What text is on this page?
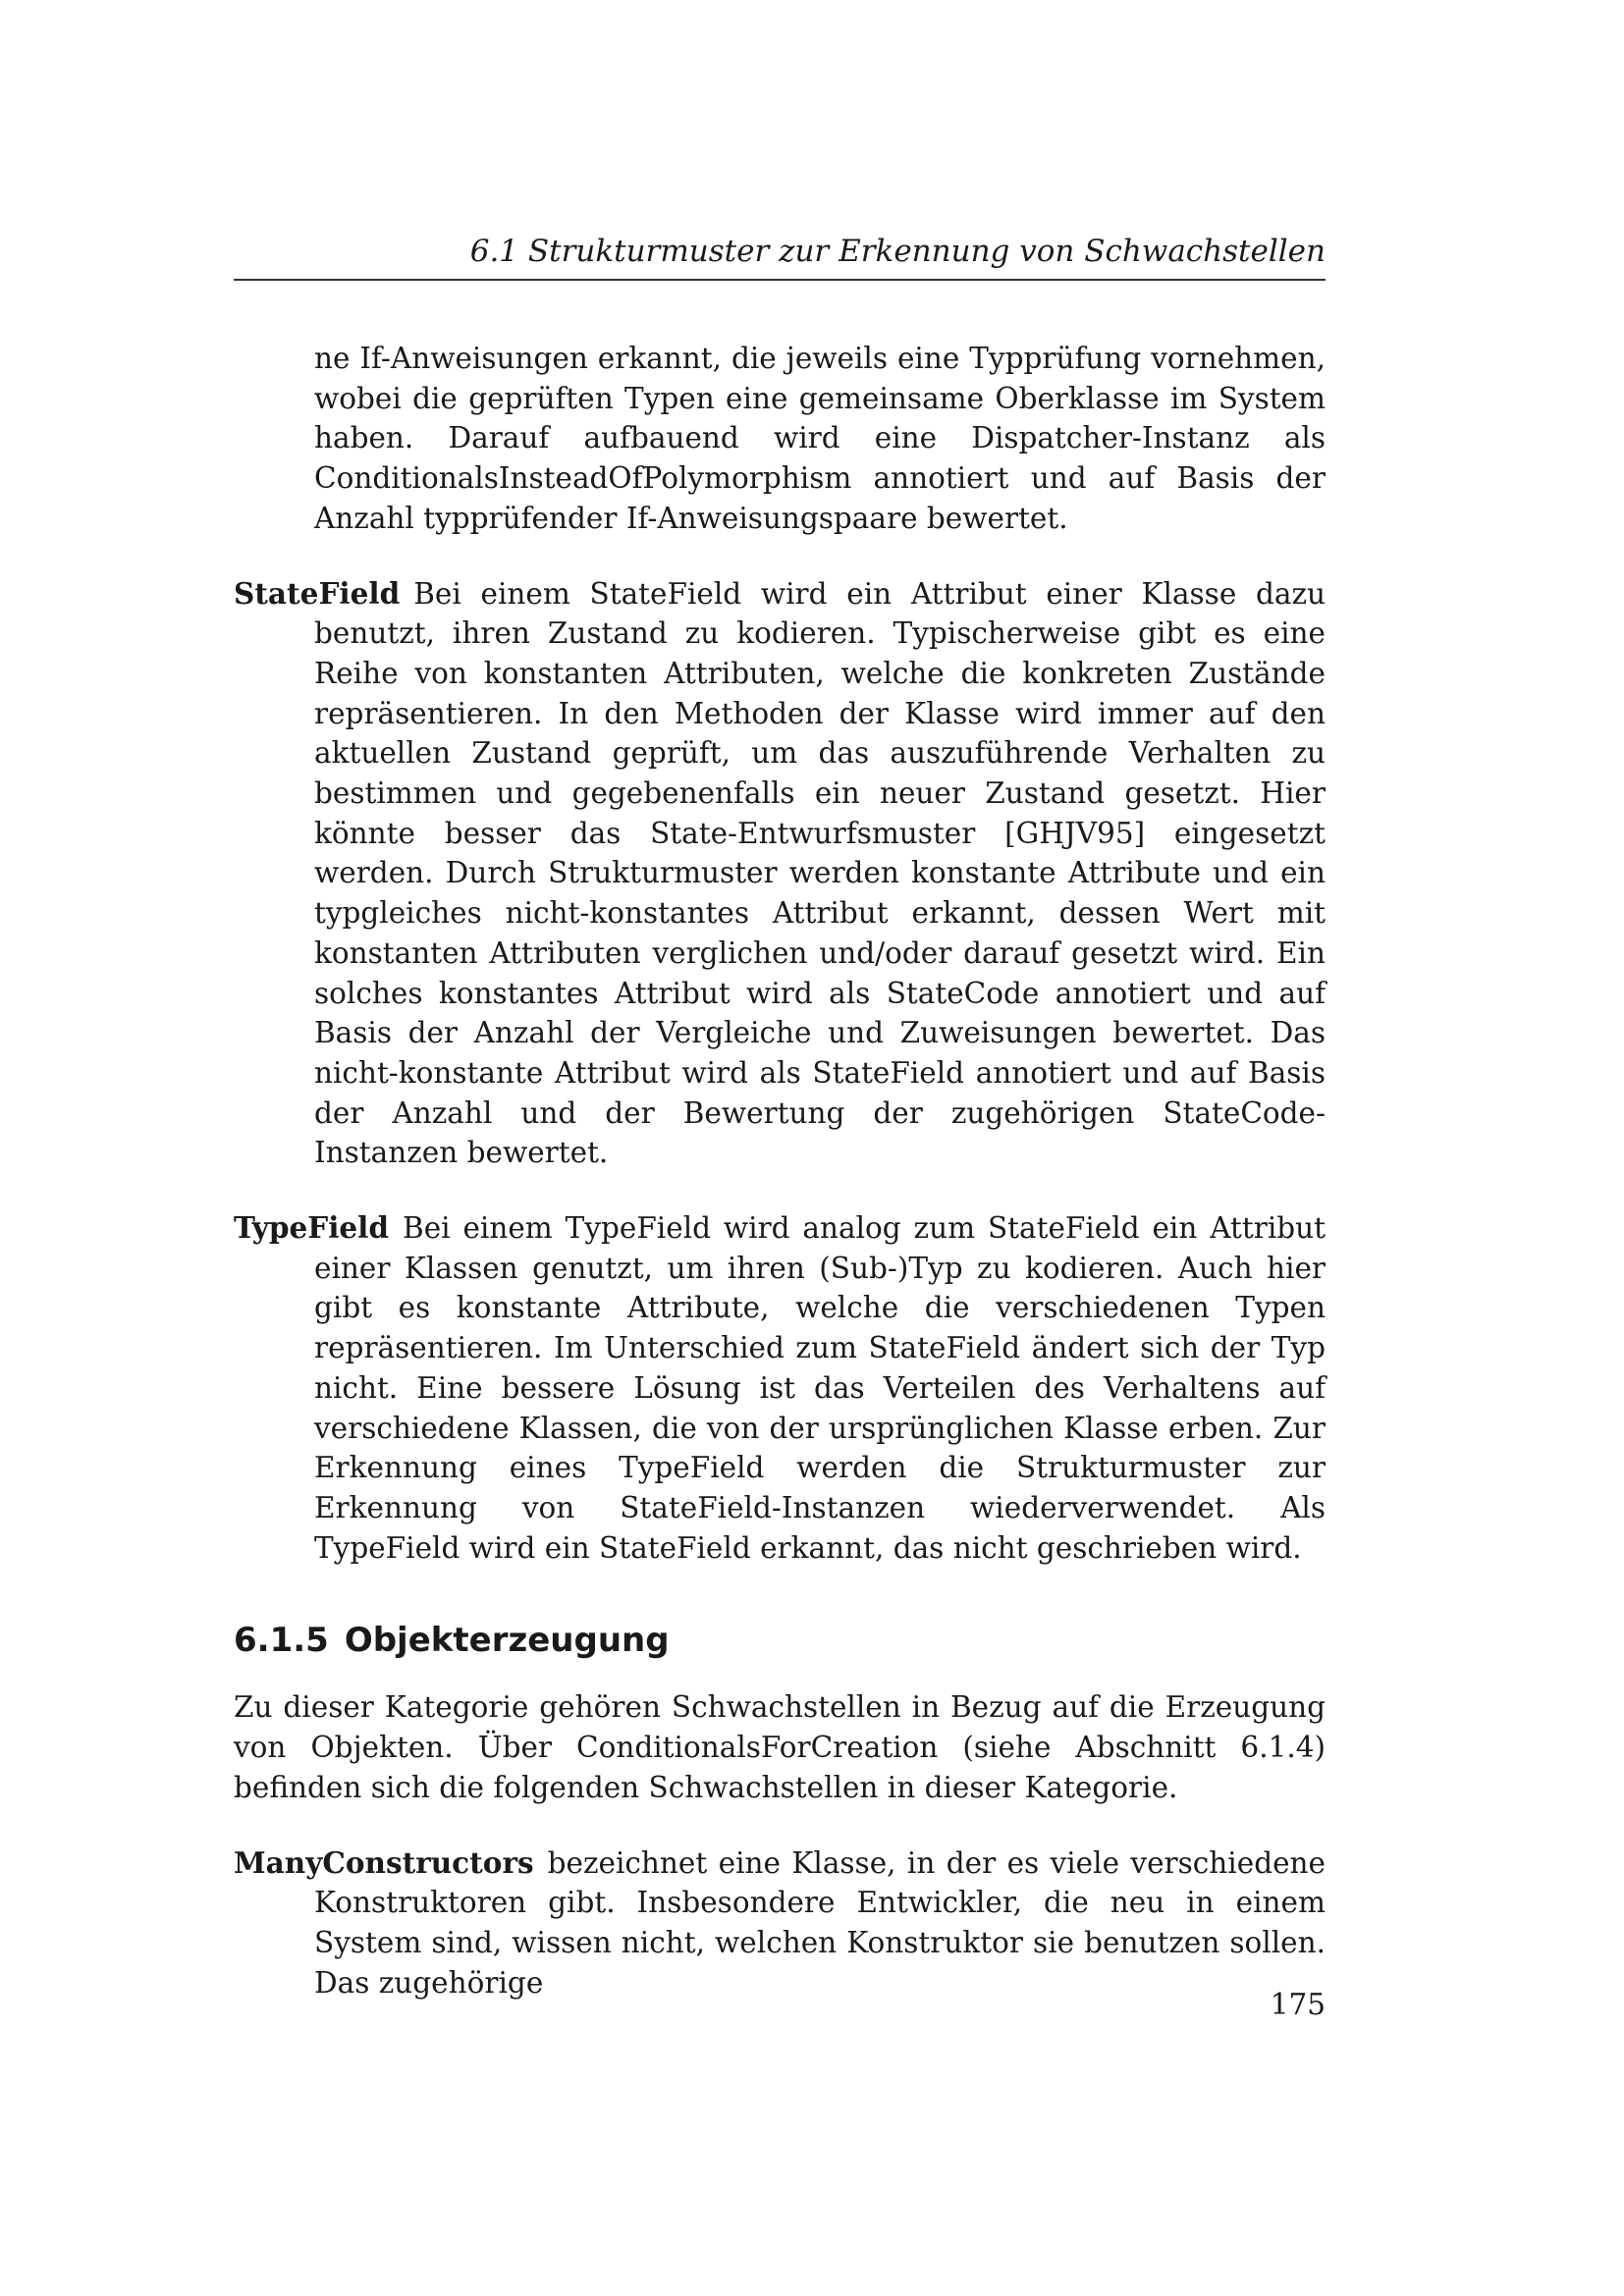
6.1 Strukturmuster zur Erkennung von Schwachstellen

ne If-Anweisungen erkannt, die jeweils eine Typprüfung vornehmen, wobei die geprüften Typen eine gemeinsame Oberklasse im System haben. Darauf aufbauend wird eine Dispatcher-Instanz als ConditionalsInsteadOfPolymorphism annotiert und auf Basis der Anzahl typprüfender If-Anweisungspaare bewertet.

StateField Bei einem StateField wird ein Attribut einer Klasse dazu benutzt, ihren Zustand zu kodieren. Typischerweise gibt es eine Reihe von konstanten Attributen, welche die konkreten Zustände repräsentieren. In den Methoden der Klasse wird immer auf den aktuellen Zustand geprüft, um das auszuführende Verhalten zu bestimmen und gegebenenfalls ein neuer Zustand gesetzt. Hier könnte besser das State-Entwurfsmuster [GHJV95] eingesetzt werden. Durch Strukturmuster werden konstante Attribute und ein typgleiches nicht-konstantes Attribut erkannt, dessen Wert mit konstanten Attributen verglichen und/oder darauf gesetzt wird. Ein solches konstantes Attribut wird als StateCode annotiert und auf Basis der Anzahl der Vergleiche und Zuweisungen bewertet. Das nicht-konstante Attribut wird als StateField annotiert und auf Basis der Anzahl und der Bewertung der zugehörigen StateCode-Instanzen bewertet.

TypeField Bei einem TypeField wird analog zum StateField ein Attribut einer Klassen genutzt, um ihren (Sub-)Typ zu kodieren. Auch hier gibt es konstante Attribute, welche die verschiedenen Typen repräsentieren. Im Unterschied zum StateField ändert sich der Typ nicht. Eine bessere Lösung ist das Verteilen des Verhaltens auf verschiedene Klassen, die von der ursprünglichen Klasse erben. Zur Erkennung eines TypeField werden die Strukturmuster zur Erkennung von StateField-Instanzen wiederverwendet. Als TypeField wird ein StateField erkannt, das nicht geschrieben wird.

6.1.5 Objekterzeugung

Zu dieser Kategorie gehören Schwachstellen in Bezug auf die Erzeugung von Objekten. Über ConditionalsForCreation (siehe Abschnitt 6.1.4) befinden sich die folgenden Schwachstellen in dieser Kategorie.

ManyConstructors bezeichnet eine Klasse, in der es viele verschiedene Konstruktoren gibt. Insbesondere Entwickler, die neu in einem System sind, wissen nicht, welchen Konstruktor sie benutzen sollen. Das zugehörige

175
